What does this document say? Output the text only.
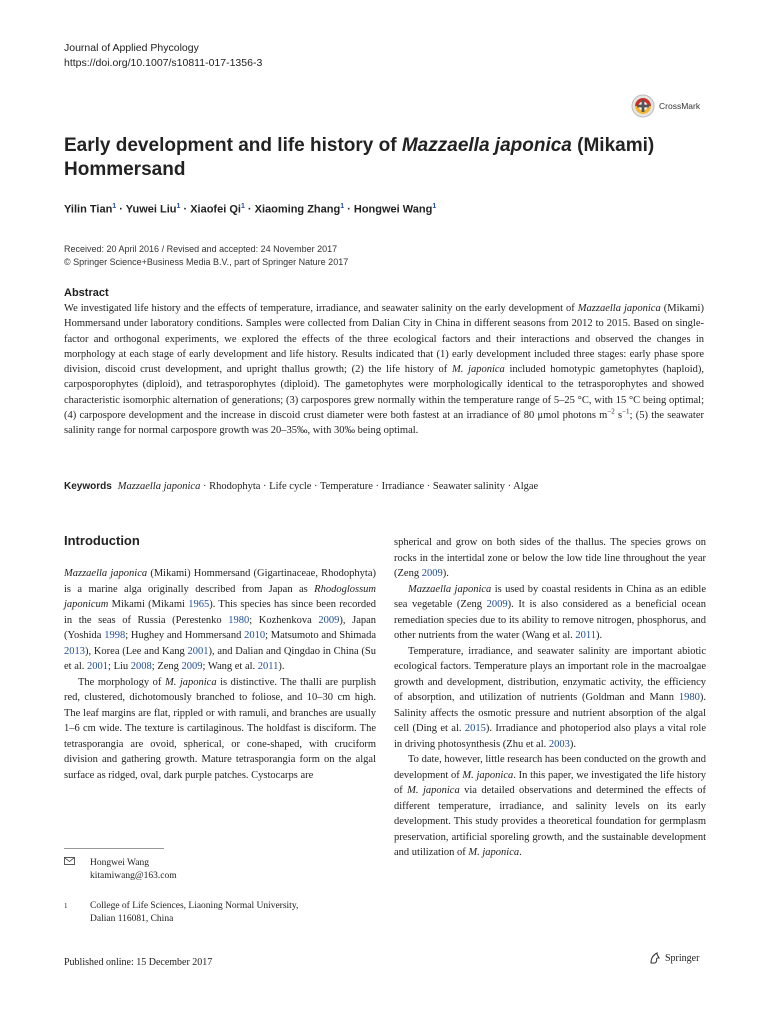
Journal of Applied Phycology
https://doi.org/10.1007/s10811-017-1356-3
CrossMark
Early development and life history of Mazzaella japonica (Mikami) Hommersand
Yilin Tian$^1$ · Yuwei Liu$^1$ · Xiaofei $Qi^1$ · Xiaoming Zhang$^1$ · Hongwei Wang$^1$
Received: 20 April 2016 / Revised and accepted: 24 November 2017
© Springer Science+Business Media B.V., part of Springer Nature 2017
Abstract
We investigated life history and the effects of temperature, irradiance, and seawater salinity on the early development of Mazzaella japonica (Mikami) Hommersand under laboratory conditions. Samples were collected from Dalian City in China in different seasons from 2012 to 2015. Based on single-factor and orthogonal experiments, we explored the effects of the three ecological factors and their interactions and observed the changes in morphology at each stage of early development and life history. Results indicated that (1) early development included three stages: early phase spore division, discoid crust development, and upright thallus growth; (2) the life history of M. japonica included homotypic gametophytes (haploid), carposporophytes (diploid), and tetrasporophytes (diploid). The gametophytes were morphologically identical to the tetrasporophytes and showed characteristic isomorphic alternation of generations; (3) carpospores grew normally within the temperature range of 5–25 °C, with 15 °C being optimal; (4) carpospore development and the increase in discoid crust diameter were both fastest at an irradiance of 80 μmol photons $m^{-2}$ $s^{-1}$; (5) the seawater salinity range for normal carpospore growth was 20–35‰, with 30‰ being optimal.
Keywords Mazzaella japonica · Rhodophyta · Life cycle · Temperature · Irradiance · Seawater salinity · Algae
Introduction

Mazzaella japonica (Mikami) Hommersand (Gigartinaceae, Rhodophyta) is a marine alga originally described from Japan as Rhodoglossum japonicum Mikami (Mikami 1965). This species has since been recorded in the seas of Russia (Perestenko 1980; Kozhenkova 2009), Japan (Yoshida 1998; Hughey and Hommersand 2010; Matsumoto and Shimada 2013), Korea (Lee and Kang 2001), and Dalian and Qingdao in China (Su et al. 2001; Liu 2008; Zeng 2009; Wang et al. 2011).

The morphology of M. japonica is distinctive. The thalli are purplish red, clustered, dichotomously branched to foliose, and 10–30 cm high. The leaf margins are flat, rippled or with ramuli, and branches are usually 1–6 cm wide. The texture is cartilaginous. The holdfast is disciform. The tetrasporangia are ovoid, spherical, or cone-shaped, with cruciform division and gathering growth. Mature tetrasporangia form on the algal surface as ridged, oval, dark purple patches. Cystocarps are

spherical and grow on both sides of the thallus. The species grows on rocks in the intertidal zone or below the low tide line throughout the year (Zeng 2009).

Mazzaella japonica is used by coastal residents in China as an edible sea vegetable (Zeng 2009). It is also considered as a beneficial ocean remediation species due to its ability to remove nitrogen, phosphorus, and other nutrients from the water (Wang et al. 2011).

Temperature, irradiance, and seawater salinity are important abiotic ecological factors. Temperature plays an important role in the macroalgae growth and development, distribution, enzymatic activity, the efficiency of absorption, and utilization of nutrients (Goldman and Mann 1980). Salinity affects the osmotic pressure and nutrient absorption of the algal cell (Ding et al. 2015). Irradiance and photoperiod also plays a vital role in driving photosynthesis (Zhu et al. 2003).

To date, however, little research has been conducted on the growth and development of M. japonica. In this paper, we investigated the life history of M. japonica via detailed observations and determined the effects of different temperature, irradiance, and salinity levels on its early development. This study provides a theoretical foundation for germplasm preservation, artificial sporeling growth, and the sustainable development and utilization of M. japonica.

Hongwei Wang
kitamiwang@163.com
1 College of Life Sciences, Liaoning Normal University,
Dalian 116081, China
Published online: 15 December 2017	Springer
